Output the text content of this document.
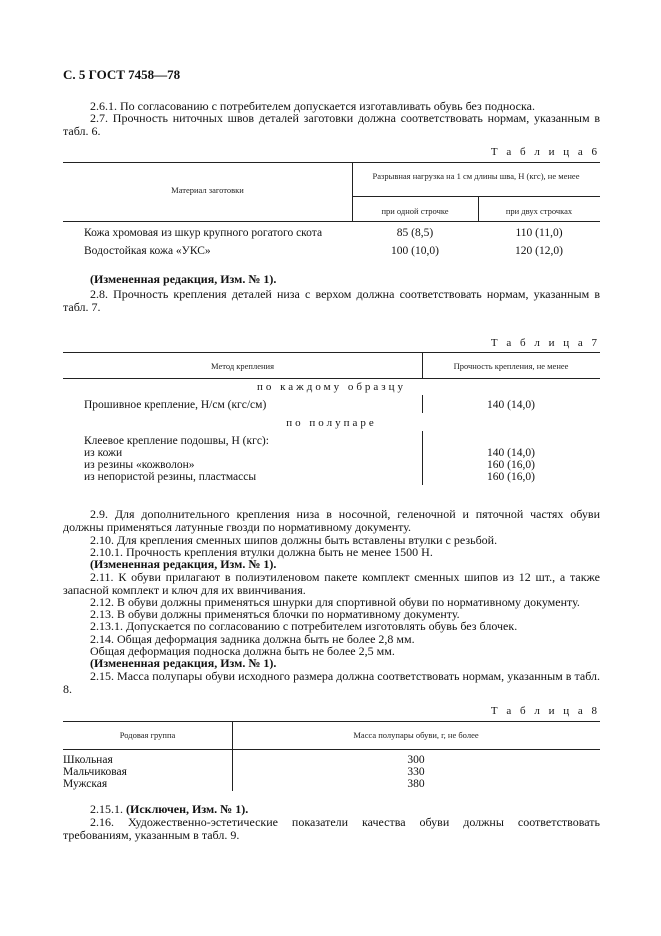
С. 5 ГОСТ 7458—78
2.6.1. По согласованию с потребителем допускается изготавливать обувь без подноска.
2.7. Прочность ниточных швов деталей заготовки должна соответствовать нормам, указанным в табл. 6.
Т а б л и ц а 6
Материал заготовки
Разрывная нагрузка на 1 см длины шва, Н (кгс), не менее
при одной строчке	при двух строчках
Кожа хромовая из шкур крупного рогатого скота	85 (8,5)	110 (11,0)
Водостойкая кожа «УКС»	100 (10,0)	120 (12,0)
(Измененная редакция, Изм. № 1).
2.8. Прочность крепления деталей низа с верхом должна соответствовать нормам, указанным в табл. 7.
Т а б л и ц а 7
Метод крепления	Прочность крепления, не менее
по каждому образцу
Прошивное крепление, Н/см (кгс/см)	140 (14,0)
по полупаре
Клеевое крепление подошвы, Н (кгс):
из кожи	140 (14,0)
из резины «кожволон»	160 (16,0)
из непористой резины, пластмассы	160 (16,0)
2.9. Для дополнительного крепления низа в носочной, геленочной и пяточной частях обуви должны применяться латунные гвозди по нормативному документу.
2.10. Для крепления сменных шипов должны быть вставлены втулки с резьбой.
2.10.1. Прочность крепления втулки должна быть не менее 1500 Н.
(Измененная редакция, Изм. № 1).
2.11. К обуви прилагают в полиэтиленовом пакете комплект сменных шипов из 12 шт., а также запасной комплект и ключ для их ввинчивания.
2.12. В обуви должны применяться шнурки для спортивной обуви по нормативному документу.
2.13. В обуви должны применяться блочки по нормативному документу.
2.13.1. Допускается по согласованию с потребителем изготовлять обувь без блочек.
2.14. Общая деформация задника должна быть не более 2,8 мм.
Общая деформация подноска должна быть не более 2,5 мм.
(Измененная редакция, Изм. № 1).
2.15. Масса полупары обуви исходного размера должна соответствовать нормам, указанным в табл. 8.
Т а б л и ц а 8
Родовая группа	Масса полупары обуви, г, не более
Школьная	300
Мальчиковая	330
Мужская	380
2.15.1. (Исключен, Изм. № 1).
2.16. Художественно-эстетические показатели качества обуви должны соответствовать требованиям, указанным в табл. 9.
